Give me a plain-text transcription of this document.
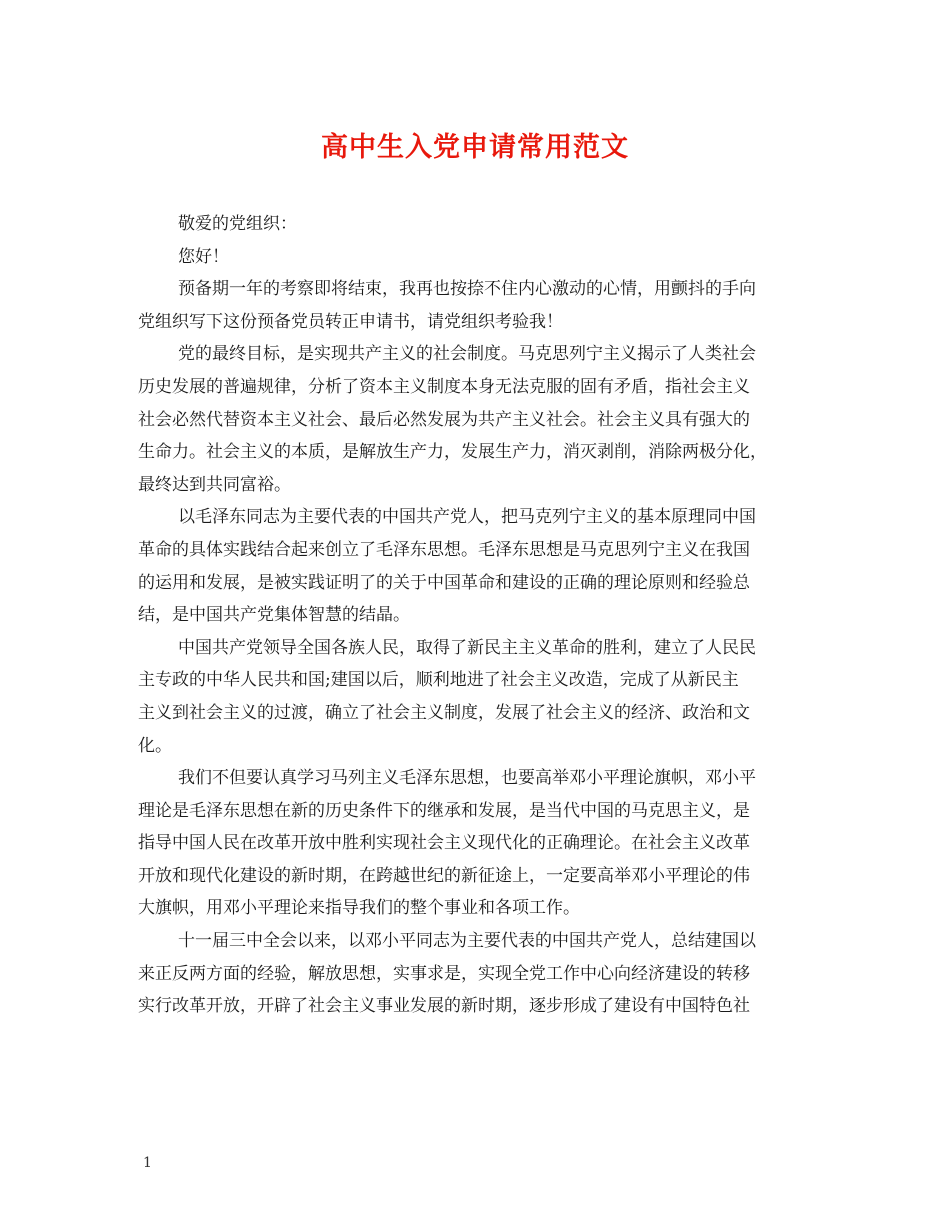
高中生入党申请常用范文
敬爱的党组织：
您好！
预备期一年的考察即将结束，我再也按捺不住内心激动的心情，用颤抖的手向
党组织写下这份预备党员转正申请书，请党组织考验我！
党的最终目标，是实现共产主义的社会制度。马克思列宁主义揭示了人类社会
历史发展的普遍规律，分析了资本主义制度本身无法克服的固有矛盾，指社会主义
社会必然代替资本主义社会、最后必然发展为共产主义社会。社会主义具有强大的
生命力。社会主义的本质，是解放生产力，发展生产力，消灭剥削，消除两极分化，
最终达到共同富裕。
以毛泽东同志为主要代表的中国共产党人，把马克列宁主义的基本原理同中国
革命的具体实践结合起来创立了毛泽东思想。毛泽东思想是马克思列宁主义在我国
的运用和发展，是被实践证明了的关于中国革命和建设的正确的理论原则和经验总
结，是中国共产党集体智慧的结晶。
中国共产党领导全国各族人民，取得了新民主主义革命的胜利，建立了人民民
主专政的中华人民共和国;建国以后，顺利地进了社会主义改造，完成了从新民主
主义到社会主义的过渡，确立了社会主义制度，发展了社会主义的经济、政治和文
化。
我们不但要认真学习马列主义毛泽东思想，也要高举邓小平理论旗帜，邓小平
理论是毛泽东思想在新的历史条件下的继承和发展，是当代中国的马克思主义，是
指导中国人民在改革开放中胜利实现社会主义现代化的正确理论。在社会主义改革
开放和现代化建设的新时期，在跨越世纪的新征途上，一定要高举邓小平理论的伟
大旗帜，用邓小平理论来指导我们的整个事业和各项工作。
十一届三中全会以来，以邓小平同志为主要代表的中国共产党人，总结建国以
来正反两方面的经验，解放思想，实事求是，实现全党工作中心向经济建设的转移
实行改革开放，开辟了社会主义事业发展的新时期，逐步形成了建设有中国特色社
1
